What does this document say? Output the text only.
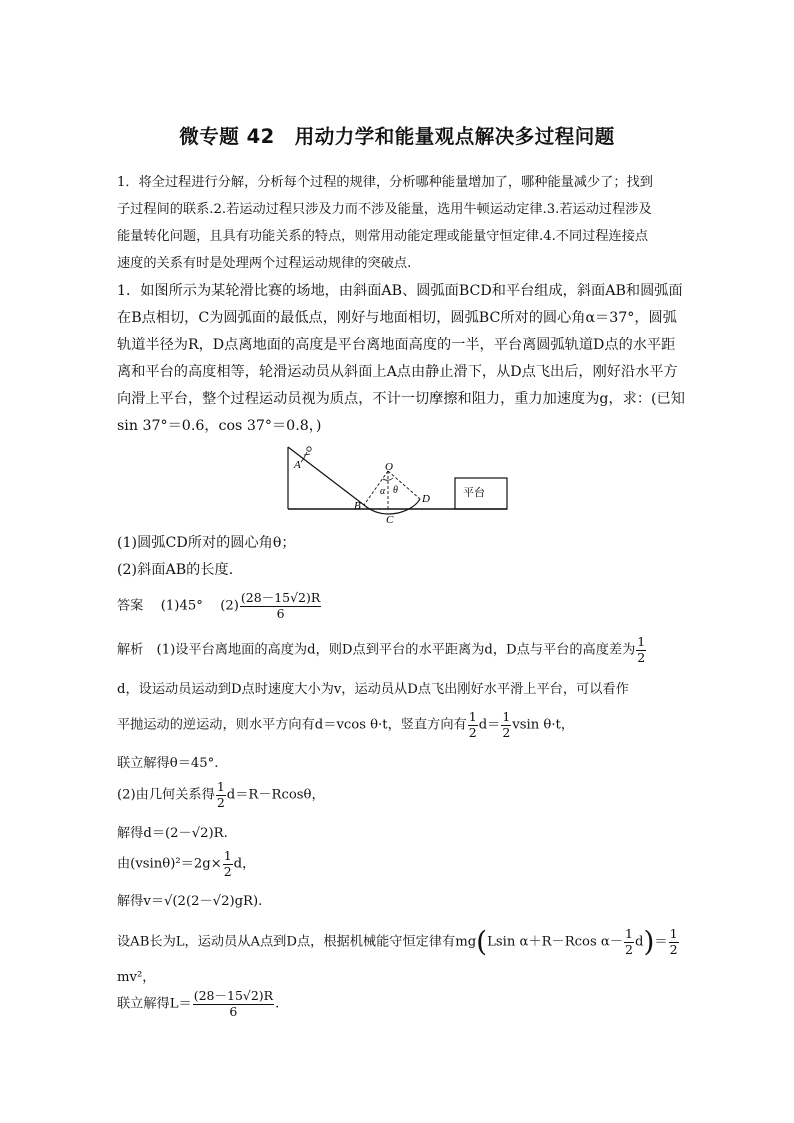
微专题 42　用动力学和能量观点解决多过程问题
1．将全过程进行分解，分析每个过程的规律，分析哪种能量增加了，哪种能量减少了；找到
子过程间的联系.2.若运动过程只涉及力而不涉及能量，选用牛顿运动定律.3.若运动过程涉及
能量转化问题，且具有功能关系的特点，则常用动能定理或能量守恒定律.4.不同过程连接点
速度的关系有时是处理两个过程运动规律的突破点.
1．如图所示为某轮滑比赛的场地，由斜面AB、圆弧面BCD和平台组成，斜面AB和圆弧面
在B点相切，C为圆弧面的最低点，刚好与地面相切，圆弧BC所对的圆心角α＝37°，圆弧
轨道半径为R，D点离地面的高度是平台离地面高度的一半，平台离圆弧轨道D点的水平距
离和平台的高度相等，轮滑运动员从斜面上A点由静止滑下，从D点飞出后，刚好沿水平方
向滑上平台，整个过程运动员视为质点，不计一切摩擦和阻力，重力加速度为g，求：(已知
sin 37°＝0.6，cos 37°＝0.8，)
A
B
C
D
O
α θ	平台
(1)圆弧CD所对的圆心角θ；
(2)斜面AB的长度.
答案　 (1)45°　 $(2) \frac{(28-15√2)R}{6}$
解析　(1)设平台离地面的高度为d，则D点到平台的水平距离为d，D点与平台的高度差为 $\frac{1}{2}$
d，设运动员运动到D点时速度大小为v，运动员从D点飞出刚好水平滑上平台，可以看作
平抛运动的逆运动，则水平方向有d＝vcos θ·t，竖直方向有 $\frac{1}{2} d= \frac{1}{2}$ vsin θ·t，
联立解得θ＝45°.
(2)由几何关系得 $\frac{1}{2} d=R-Rcos\theta$，
解得d＝(2－√2)R.
由$(vsin\theta)^2=2g\times \frac{1}{2}$ d，
解得v＝√(2(2－√2)gR).
设AB长为L，运动员从A点到D点，根据机械能守恒定律有mg(Lsin α＋R－Rcos $\alpha- \frac{1}{2} d)= \frac{1}{2}$
mv²，
联立解得$L= \frac{(28-15√2)R}{6}$ .
